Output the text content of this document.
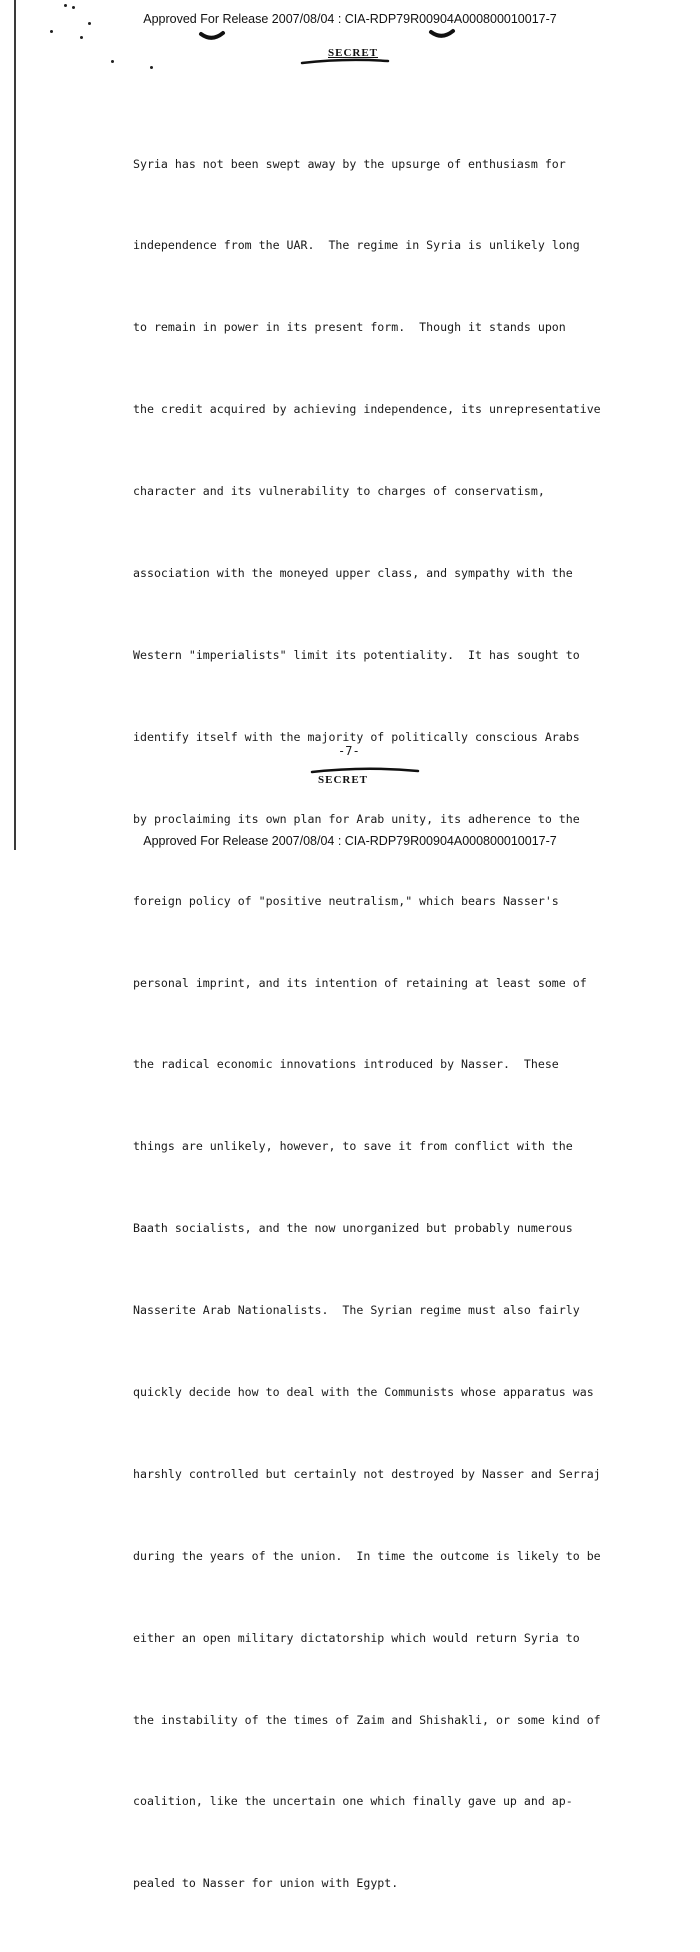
Approved For Release 2007/08/04 : CIA-RDP79R00904A000800010017-7
SECRET

Syria has not been swept away by the upsurge of enthusiasm for

independence from the UAR.  The regime in Syria is unlikely long

to remain in power in its present form.  Though it stands upon

the credit acquired by achieving independence, its unrepresentative

character and its vulnerability to charges of conservatism,

association with the moneyed upper class, and sympathy with the

Western "imperialists" limit its potentiality.  It has sought to

identify itself with the majority of politically conscious Arabs

by proclaiming its own plan for Arab unity, its adherence to the

foreign policy of "positive neutralism," which bears Nasser's

personal imprint, and its intention of retaining at least some of

the radical economic innovations introduced by Nasser.  These

things are unlikely, however, to save it from conflict with the

Baath socialists, and the now unorganized but probably numerous

Nasserite Arab Nationalists.  The Syrian regime must also fairly

quickly decide how to deal with the Communists whose apparatus was

harshly controlled but certainly not destroyed by Nasser and Serraj

during the years of the union.  In time the outcome is likely to be

either an open military dictatorship which would return Syria to

the instability of the times of Zaim and Shishakli, or some kind of

coalition, like the uncertain one which finally gave up and ap-

pealed to Nasser for union with Egypt.

-7-
SECRET
Approved For Release 2007/08/04 : CIA-RDP79R00904A000800010017-7
